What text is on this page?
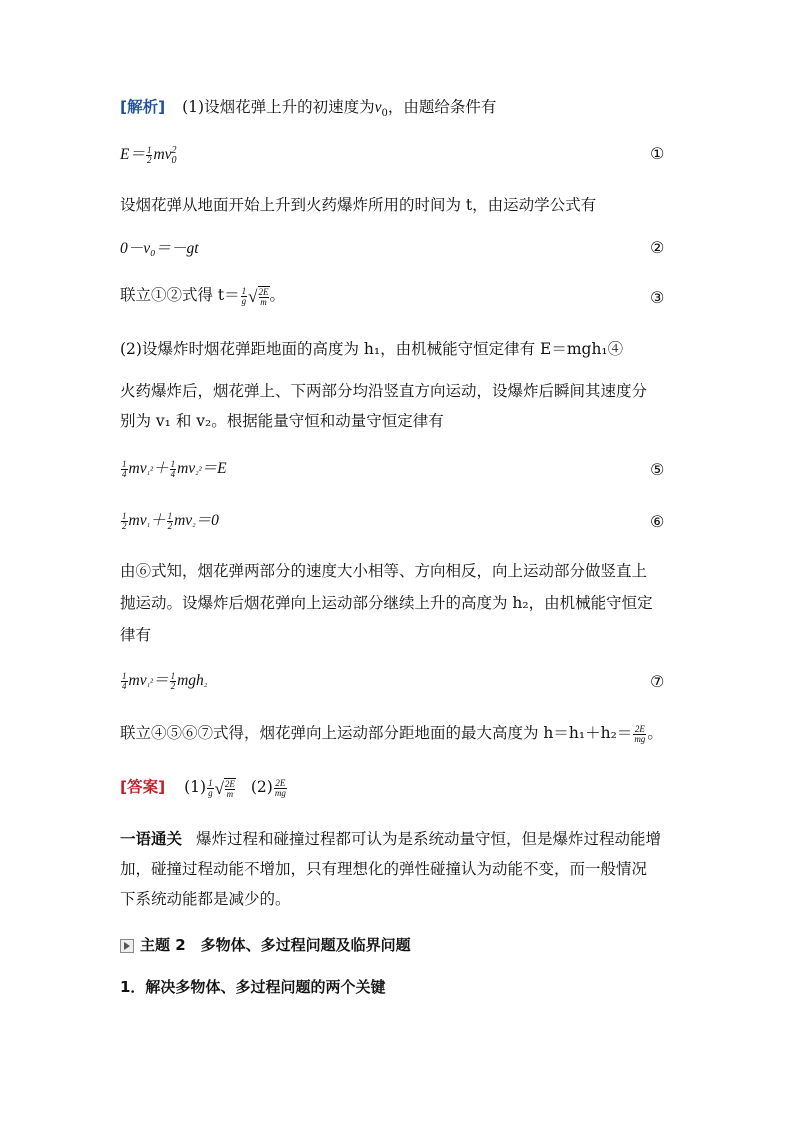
[解析] (1)设烟花弹上升的初速度为$v_0$，由题给条件有
$E= \frac{1}{2} mv_0^2$	①
设烟花弹从地面开始上升到火药爆炸所用的时间为 t，由运动学公式有
0－v₀＝－gt	②
联立①②式得 $t= \frac{1}{g}$ √ $\frac{2E}{m}$ 。	③
(2)设爆炸时烟花弹距地面的高度为 h₁，由机械能守恒定律有 E＝mgh₁④
火药爆炸后，烟花弹上、下两部分均沿竖直方向运动，设爆炸后瞬间其速度分
别为 v₁ 和 v₂。根据能量守恒和动量守恒定律有
$\frac{1}{4} mv_1^2+ \frac{1}{4} mv_2^2=E$	⑤
$\frac{1}{2} mv_1+ \frac{1}{2} mv_2=0$	⑥
由⑥式知，烟花弹两部分的速度大小相等、方向相反，向上运动部分做竖直上
抛运动。设爆炸后烟花弹向上运动部分继续上升的高度为 h₂，由机械能守恒定
律有
$\frac{1}{4} mv_1^2= \frac{1}{2} mgh_2$	⑦
联立④⑤⑥⑦式得，烟花弹向上运动部分距地面的最大高度为 $h=h_1+h_2= \frac{2E}{mg}$ 。
[答案] $(1) \frac{1}{g}$ √ $\frac{2E}{m} (2) \frac{2E}{mg}$
一语通关 爆炸过程和碰撞过程都可认为是系统动量守恒，但是爆炸过程动能增
加，碰撞过程动能不增加，只有理想化的弹性碰撞认为动能不变，而一般情况
下系统动能都是减少的。
主题 2　多物体、多过程问题及临界问题
1．解决多物体、多过程问题的两个关键
